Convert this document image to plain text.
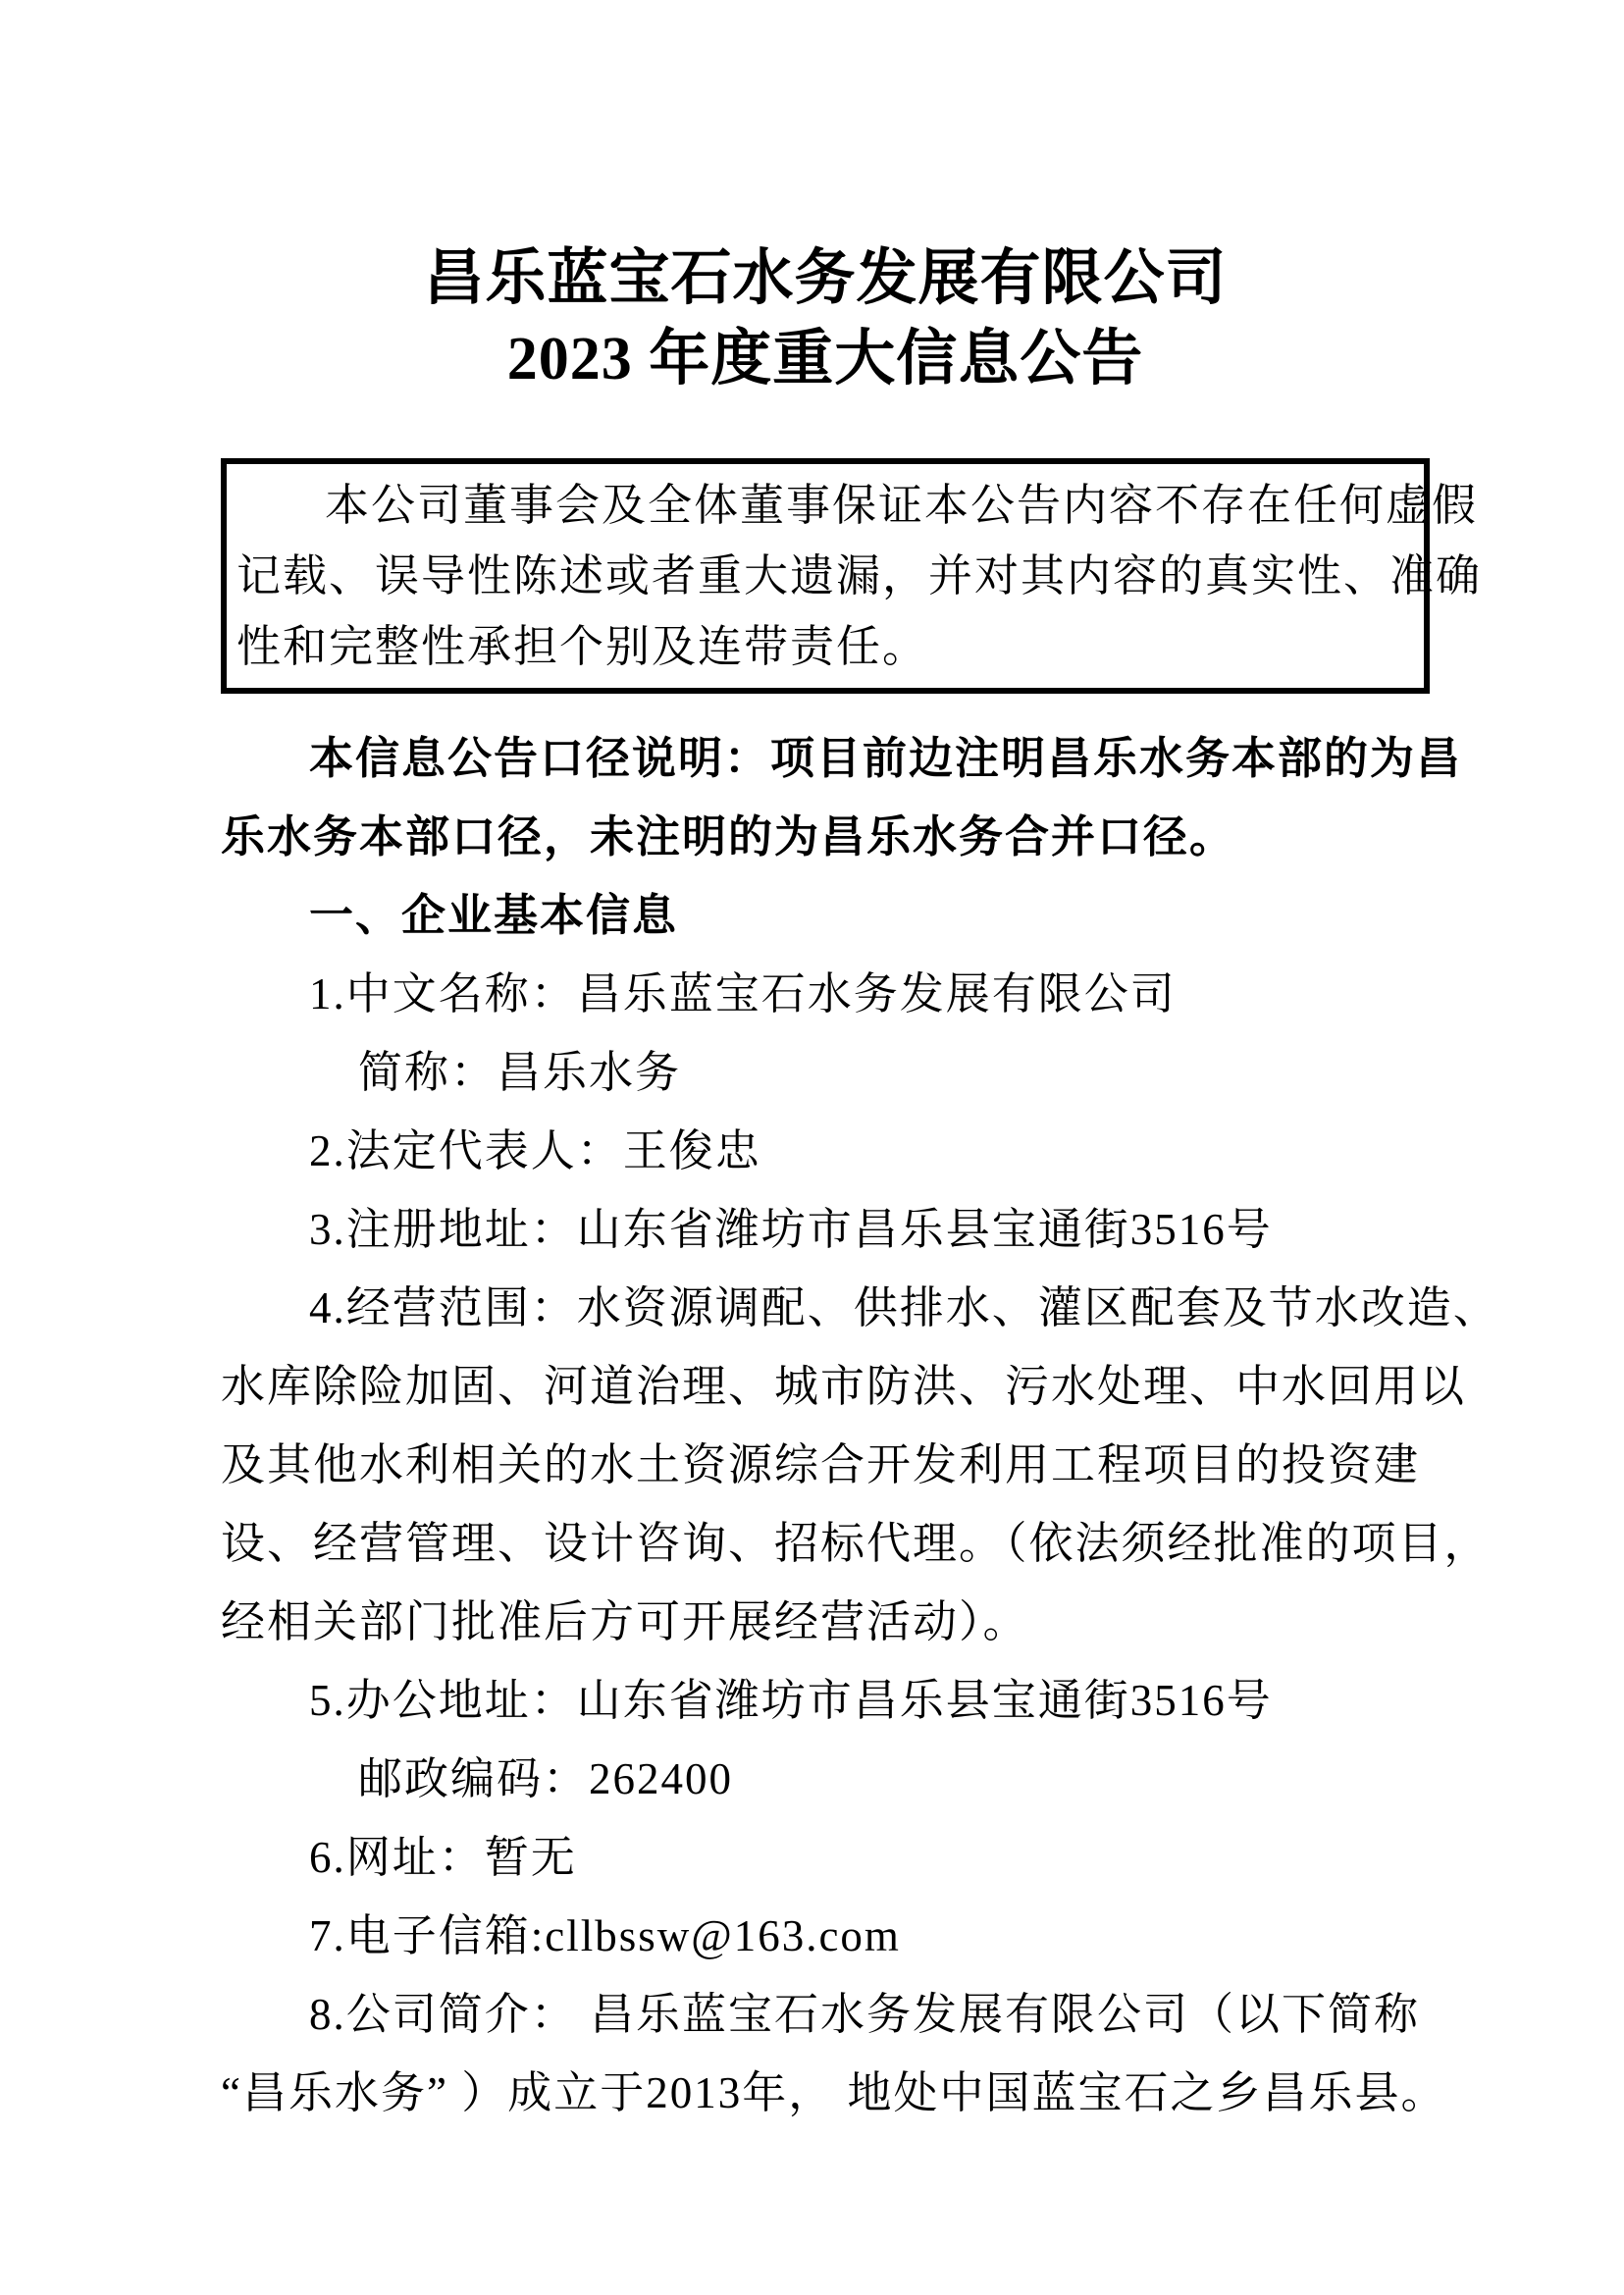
昌乐蓝宝石水务发展有限公司
2023 年度重大信息公告
本公司董事会及全体董事保证本公告内容不存在任何虚假
记载、误导性陈述或者重大遗漏，并对其内容的真实性、准确
性和完整性承担个别及连带责任。
本信息公告口径说明：项目前边注明昌乐水务本部的为昌
乐水务本部口径，未注明的为昌乐水务合并口径。
一、企业基本信息
1.中文名称：昌乐蓝宝石水务发展有限公司
简称：昌乐水务
2.法定代表人：王俊忠
3.注册地址：山东省潍坊市昌乐县宝通街3516号
4.经营范围：水资源调配、供排水、灌区配套及节水改造、
水库除险加固、河道治理、城市防洪、污水处理、中水回用以
及其他水利相关的水土资源综合开发利用工程项目的投资建
设、经营管理、设计咨询、招标代理。（依法须经批准的项目，
经相关部门批准后方可开展经营活动）。
5.办公地址：山东省潍坊市昌乐县宝通街3516号
邮政编码：262400
6.网址：暂无
7.电子信箱:cllbssw@163.com
8.公司简介： 昌乐蓝宝石水务发展有限公司（以下简称
“昌乐水务” ）成立于2013年， 地处中国蓝宝石之乡昌乐县。
